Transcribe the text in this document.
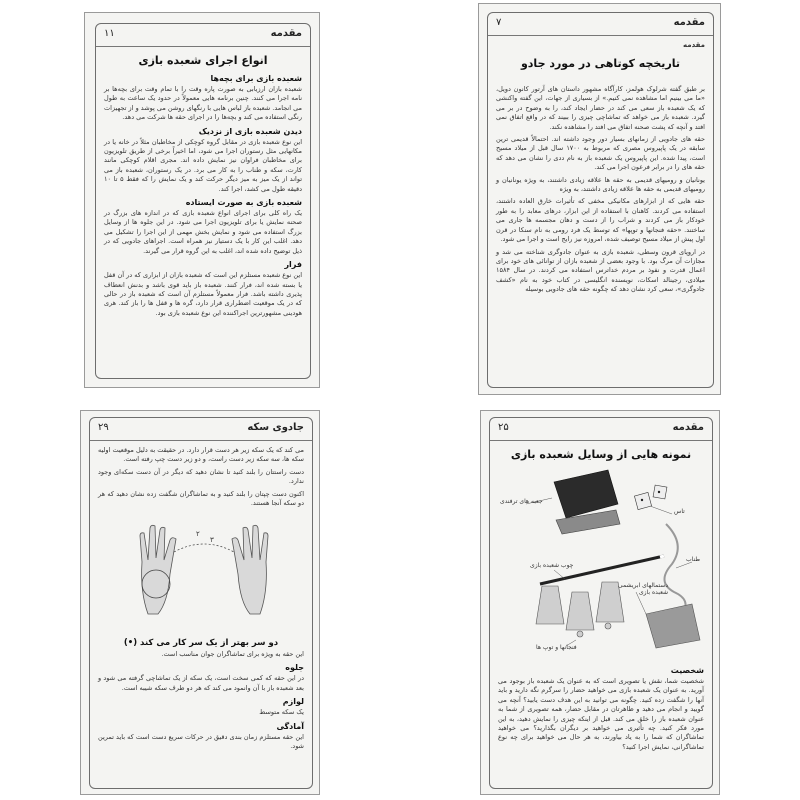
مقدمه
۱۱
انواع اجرای شعبده بازی
شعبده بازی برای بچه‌ها
شعبده بازان ارزیابی به صورت پاره وقت را با تمام وقت برای بچه‌ها بر نامه اجرا می کنند. چنین برنامه هایی معمولاً در حدود یک ساعت به طول می انجامد. شعبده باز لباس هایی با رنگهای روشن می پوشد و از تجهیزات رنگی استفاده می کند و بچه‌ها را در اجرای حقه ها شرکت می دهد.
دیدن شعبده بازی از نزدیک
این نوع شعبده بازی در مقابل گروه کوچکی از مخاطبان مثلاً در خانه یا در مکانهایی مثل رستوران اجرا می شود، اما اخیراً برخی از طریق تلویزیون برای مخاطبان فراوان نیز نمایش داده اند. مجری اقلام کوچکی مانند کارت، سکه و طناب را به کار می برد. در یک رستوران، شعبده باز می تواند از یک میز به میز دیگر حرکت کند و یک نمایش را که فقط ۵ تا ۱۰ دقیقه طول می کشد، اجرا کند.
شعبده بازی به صورت ایستاده
یک راه کلی برای اجرای انواع شعبده بازی که در اندازه های بزرگ در صحنه نمایش یا برای تلویزیون اجرا می شود. در این جلوه ها از وسایل بزرگ استفاده می شود و نمایش بخش مهمی از این اجرا را تشکیل می دهد. اغلب این کار با یک دستیار نیز همراه است. اجراهای جادویی که در ذیل توضیح داده شده اند، اغلب به این گروه قرار می گیرند.
فرار
این نوع شعبده مستلزم این است که شعبده بازان از ابزاری که در آن قفل یا بسته شده اند، فرار کنند. شعبده باز باید قوی باشد و بدنش انعطاف پذیری داشته باشد. فرار معمولاً مستلزم آن است که شعبده باز در حالی که در یک موقعیت اضطراری قرار دارد، گره ها و قفل ها را باز کند. هری هودینی مشهورترین اجراکننده این نوع شعبده بازی بود.
مقدمه
۷
مقدمه
تاریخچه کوتاهی در مورد جادو
بر طبق گفته شرلوک هولمز، کارآگاه مشهور داستان های آرتور کانون دویل، «ما می بینیم اما مشاهده نمی کنیم.» از بسیاری از جهات، این گفته واکنشی که یک شعبده باز سعی می کند در حضار ایجاد کند، را به وضوح در بر می گیرد. شعبده باز می خواهد که تماشاچی چیزی را ببیند که در واقع اتفاق نمی افتد و آنچه که پشت صحنه اتفاق می افتد را مشاهده نکند.
حقه های جادویی از زمانهای بسیار دور وجود داشته اند. احتمالاً قدیمی ترین سابقه در یک پاپیروس مصری که مربوط به ۱۷۰۰ سال قبل از میلاد مسیح است، پیدا شده. این پاپیروس یک شعبده باز به نام ددی را نشان می دهد که حقه های را در برابر فرعون اجرا می کند.
یونانیان و رومیهای قدیمی به حقه ها علاقه زیادی داشتند، به ویژه یونانیان و رومیهای قدیمی به حقه ها علاقه زیادی داشتند، به ویژه
حقه هایی که از ابزارهای مکانیکی مخفی که تأثیرات خارق العاده داشتند، استفاده می کردند. کاهنان با استفاده از این ابزار، درهای معابد را به طور خودکار باز می کردند و شراب را از دست و دهان مجسمه ها جاری می ساختند. «حقه فنجانها و توپها» که توسط یک فرد رومی به نام سنکا در قرن اول پیش از میلاد مسیح توصیف شده، امروزه نیز رایج است و اجرا می شود.
در اروپای قرون وسطی، شعبده بازی به عنوان جادوگری شناخته می شد و مجازات آن مرگ بود. با وجود بعضی از شعبده بازان از توانائی های خود برای اعمال قدرت و نفوذ بر مردم خداترس استفاده می کردند. در سال ۱۵۸۴ میلادی، رجینالد اسکات، نویسنده انگلیسی در کتاب خود به نام «کشف جادوگری»، سعی کرد نشان دهد که چگونه حقه های جادویی بوسیله
جادوی سکه
۲۹
می کند که یک سکه زیر هر دست قرار دارد. در حقیقت به دلیل موقعیت اولیه سکه ها، سه سکه زیر دست راست، و دو زیر دست چپ رفته است.
دست راستتان را بلند کنید تا نشان دهید که دیگر در آن دست سکه‌ای وجود ندارد.
اکنون دست چپتان را بلند کنید و به تماشاگران شگفت زده نشان دهید که هر دو سکه آنجا هستند.
۲
۳
دو سر بهتر از یک سر کار می کند (•)
این حقه به ویژه برای تماشاگران جوان مناسب است.
جلوه
در این حقه که کمی سخت است، یک سکه از یک تماشاچی گرفته می شود و بعد شعبده باز با آن وانمود می کند که هر دو طرف سکه شیبه است.
لوازم
یک سکه متوسط
آمادگی
این حقه مستلزم زمان بندی دقیق در حرکات سریع دست است که باید تمرین شود.
مقدمه
۲۵
نمونه هایی از وسایل شعبده بازی
جعبه های ترفندی
تاس
چوب شعبده بازی
طناب
دستمالهای ابریشمی شعبده بازی
فنجانها و توپ ها
شخصیت
شخصیت شما، نقش یا تصویری است که به عنوان یک شعبده باز بوجود می آورید. به عنوان یک شعبده بازی می خواهید حضار را سرگرم نگه دارید و باید آنها را شگفت زده کنید. چگونه می توانید به این هدف دست یابید؟ آنچه می گویید و انجام می دهید و ظاهرتان در مقابل حضار، همه تصویری از شما به عنوان شعبده باز را خلق می کند. قبل از اینکه چیزی را نمایش دهید، به این مورد فکر کنید. چه تأثیری می خواهید بر دیگران بگذارید؟ می خواهید تماشاگران که شما را به یاد بیاورند، به هر حال می خواهید برای چه نوع تماشاگرانی، نمایش اجرا کنید؟
